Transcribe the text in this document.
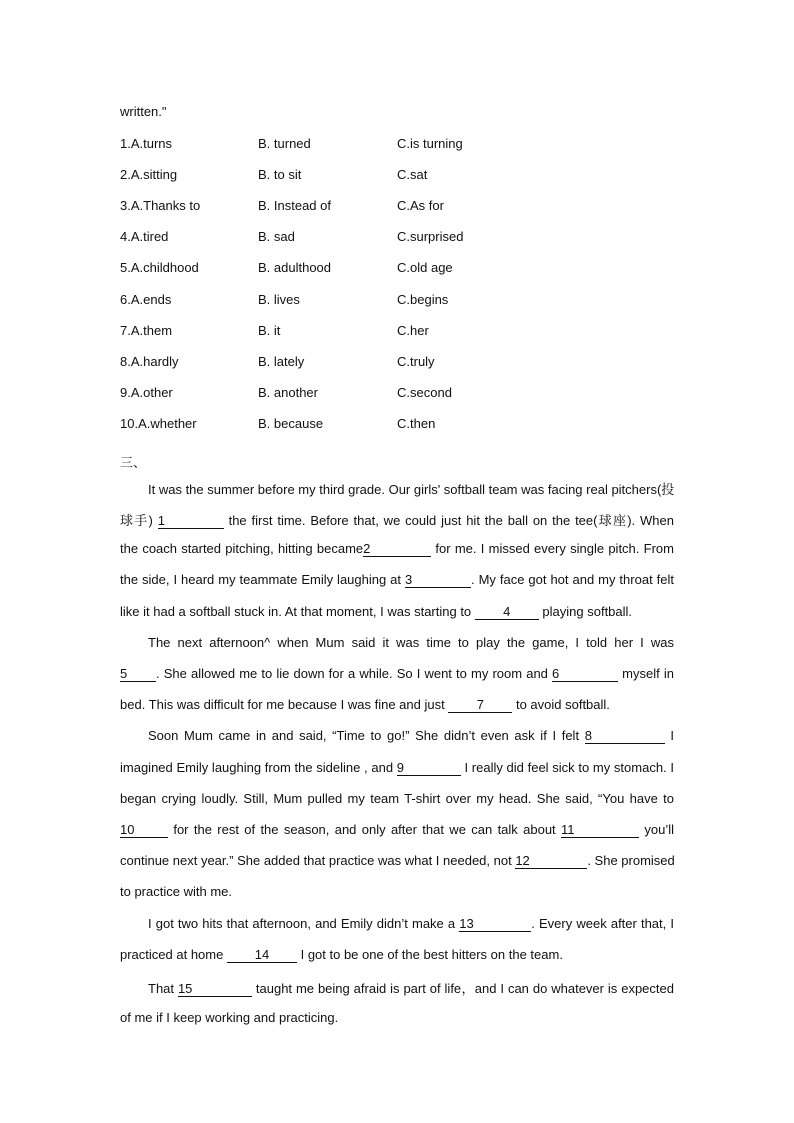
written."
1.A.turns	B. turned	C.is turning
2.A.sitting	B. to sit	C.sat
3.A.Thanks to	B. Instead of	C.As for
4.A.tired	B. sad	C.surprised
5.A.childhood	B. adulthood	C.old age
6.A.ends	B. lives	C.begins
7.A.them	B. it	C.her
8.A.hardly	B. lately	C.truly
9.A.other	B. another	C.second
10.A.whether	B. because	C.then
三、
It was the summer before my third grade. Our girls' softball team was facing real pitchers(投
球手) 1	the first time. Before that, we could just hit the ball on the tee(球座). When
the coach started pitching, hitting became2	for me. I missed every single pitch. From
the side, I heard my teammate Emily laughing at 3	. My face got hot and my throat felt
like it had a softball stuck in. At that moment, I was starting to 4 playing softball.
The next afternoon^ when Mum said it was time to play the game, I told her I was
5 . She allowed me to lie down for a while. So I went to my room and 6	myself in
bed. This was difficult for me because I was fine and just 7 to avoid softball.
Soon Mum came in and said, “Time to go!” She didn’t even ask if I felt 8	I
imagined Emily laughing from the sideline , and 9	I really did feel sick to my stomach. I
began crying loudly. Still, Mum pulled my team T-shirt over my head. She said, “You have to
10	for the rest of the season, and only after that we can talk about 11	you’ll
continue next year.” She added that practice was what I needed, not 12	. She promised
to practice with me.
I got two hits that afternoon, and Emily didn’t make a 13	. Every week after that, I
practiced at home 14 I got to be one of the best hitters on the team.
That 15	taught me being afraid is part of life，and I can do whatever is expected
of me if I keep working and practicing.
